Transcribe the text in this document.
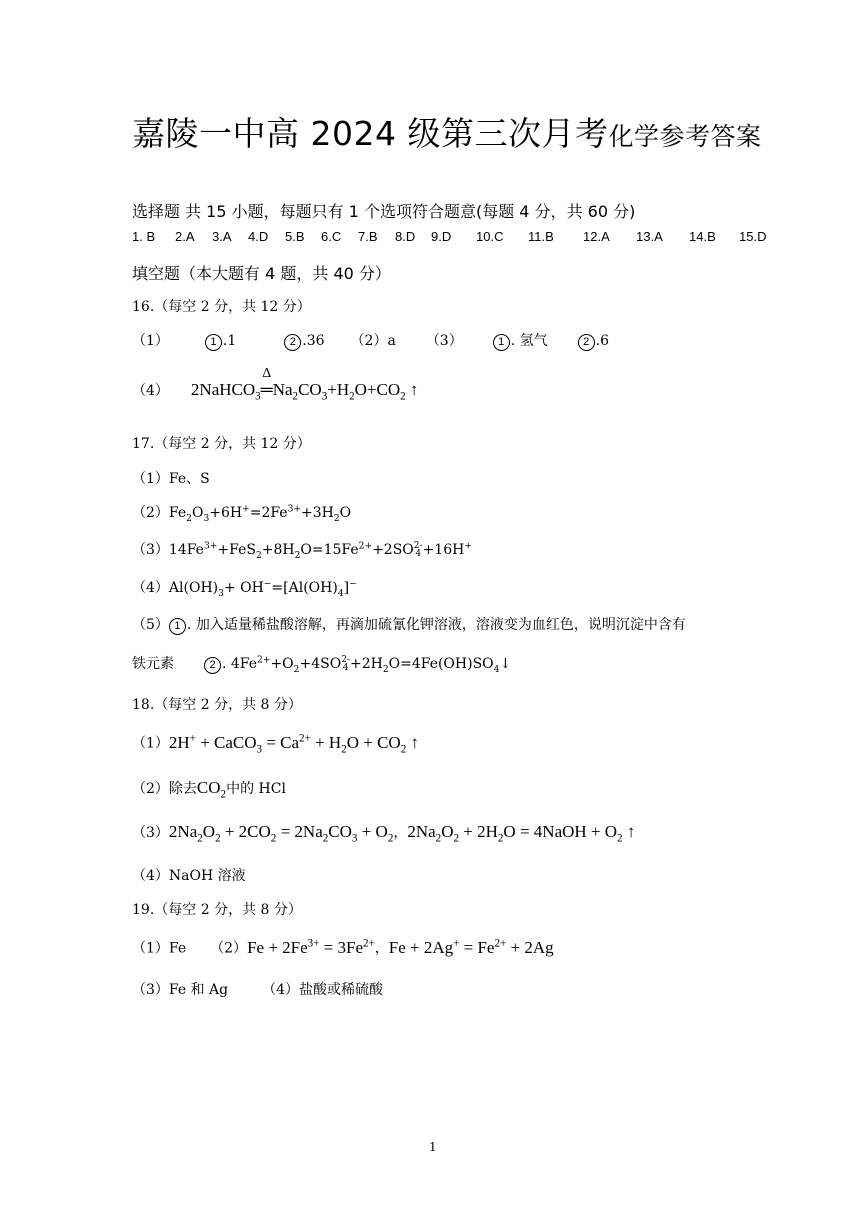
嘉陵一中高 2024 级第三次月考化学参考答案
选择题 共 15 小题，每题只有 1 个选项符合题意(每题 4 分，共 60 分)
1. B 2.A 3.A 4.D 5.B 6.C 7.B 8.D 9.D 10.C 11.B 12.A 13.A 14.B 15.D
填空题（本大题有 4 题，共 40 分）
16.（每空 2 分，共 12 分）
（1）	1 .1	2 .36 （2）a （3）	1 . 氢气	2 .6
（4） 2NaHCO$_3$
Δ
$═Na_2CO_3+H_2O+CO_2$ ↑
17.（每空 2 分，共 12 分）
（1）Fe、S
$(2)Fe_2O_3+6H^+=2Fe^{3+}+3H_2O$
$(3)14Fe^{3+}+FeS_2+8H_2O=15Fe^{2+}+2SO$ 2-
4 +16H+
$(4)Al(OH)_3+ OH^-=[Al(OH)_4]^-$
（5） 1 . 加入适量稀盐酸溶解，再滴加硫氰化钾溶液，溶液变为血红色，说明沉淀中含有
铁元素	2 . $4Fe^{2+}+O_2+4SO$ 2-
$4 +2H_2O=4Fe(OH)SO_4↓$
18.（每空 2 分，共 8 分）
（1）2H+ + CaCO$_3$ = $Ca^{2+} + H_2O + CO_2$ ↑
（2）除去$CO_2$中的 HCl
$(3)2Na_2O_2 + 2CO_2 = 2Na_2CO_3 + O_2$，$2Na_2O_2 + 2H_2O$ = 4NaOH + $O_2$ ↑
（4）NaOH 溶液
19.（每空 2 分，共 8 分）
（1）Fe $(2)Fe + 2Fe^{3+} = 3Fe^{2+}$，$Fe + 2Ag^+ = Fe^{2+} + 2Ag$
（3）Fe 和 Ag （4）盐酸或稀硫酸
1
